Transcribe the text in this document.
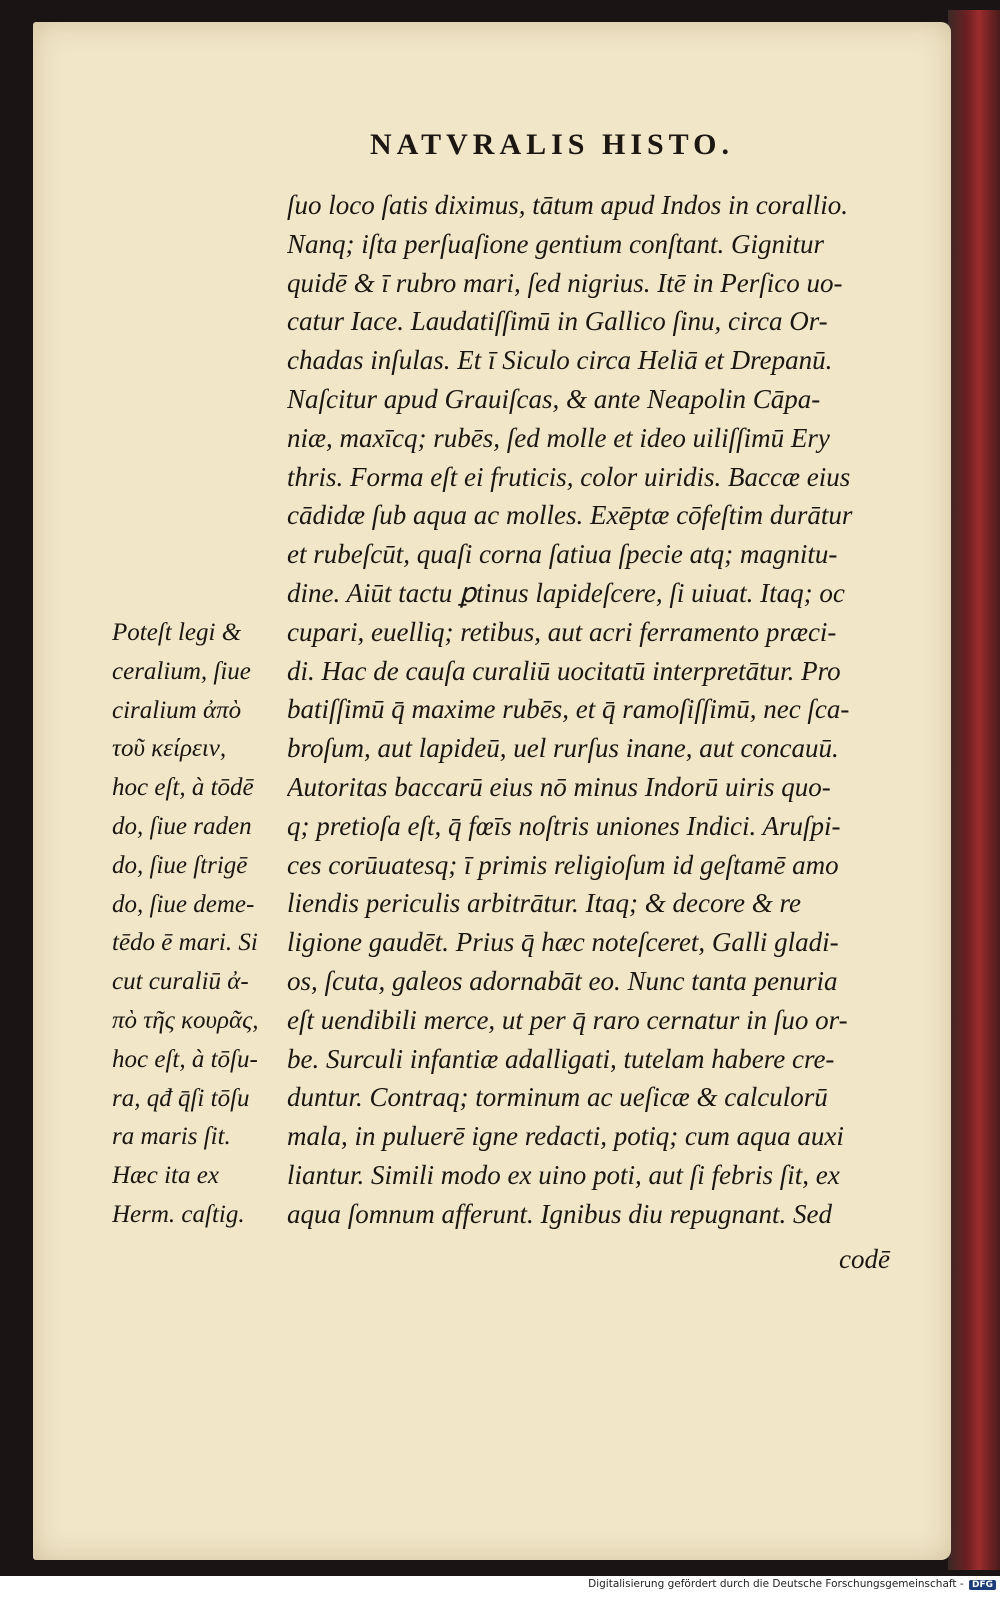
NATVRALIS HISTO.
ſuo loco ſatis diximus, tātum apud Indos in corallio.
Nanq; iſta perſuaſione gentium conſtant. Gignitur
quidē & ī rubro mari, ſed nigrius. Itē in Perſico uo-
catur Iace. Laudatiſſimū in Gallico ſinu, circa Or-
chadas inſulas. Et ī Siculo circa Heliā et Drepanū.
Naſcitur apud Grauiſcas, & ante Neapolin Cāpa-
niæ, maxīcq; rubēs, ſed molle et ideo uiliſſimū Ery
thris. Forma eſt ei fruticis, color uiridis. Baccæ eius
cādidæ ſub aqua ac molles. Exēptæ cōfeſtim durātur
et rubeſcūt, quaſi corna ſatiua ſpecie atq; magnitu-
dine. Aiūt tactu ꝑtinus lapideſcere, ſi uiuat. Itaq; oc
cupari, euelliq; retibus, aut acri ferramento præci-
di. Hac de cauſa curaliū uocitatū interpretātur. Pro
batiſſimū q̄ maxime rubēs, et q̄ ramoſiſſimū, nec ſca-
broſum, aut lapideū, uel rurſus inane, aut concauū.
Autoritas baccarū eius nō minus Indorū uiris quo-
q; pretioſa eſt, q̄ fœīs noſtris uniones Indici. Aruſpi-
ces corūuatesq; ī primis religioſum id geſtamē amo
liendis periculis arbitrātur. Itaq; & decore & re
ligione gaudēt. Prius q̄ hæc noteſceret, Galli gladi-
os, ſcuta, galeos adornabāt eo. Nunc tanta penuria
eſt uendibili merce, ut per q̄ raro cernatur in ſuo or-
be. Surculi infantiæ adalligati, tutelam habere cre-
duntur. Contraq; torminum ac ueſicæ & calculorū
mala, in puluerē igne redacti, potiq; cum aqua auxi
liantur. Simili modo ex uino poti, aut ſi febris ſit, ex
aqua ſomnum afferunt. Ignibus diu repugnant. Sed
Poteſt legi &
ceralium, ſiue
ciralium ἀπὸ
τοῦ κείρειν,
hoc eſt, à tōdē
do, ſiue raden
do, ſiue ſtrigē
do, ſiue deme-
tēdo ē mari. Si
cut curaliū ἀ-
πὸ τῆς κουρᾶς,
hoc eſt, à tōſu-
ra, qđ q̄ſi tōſu
ra maris ſit.
Hæc ita ex
Herm. caſtig.
codē
Digitalisierung gefördert durch die Deutsche Forschungsgemeinschaft - DFG
